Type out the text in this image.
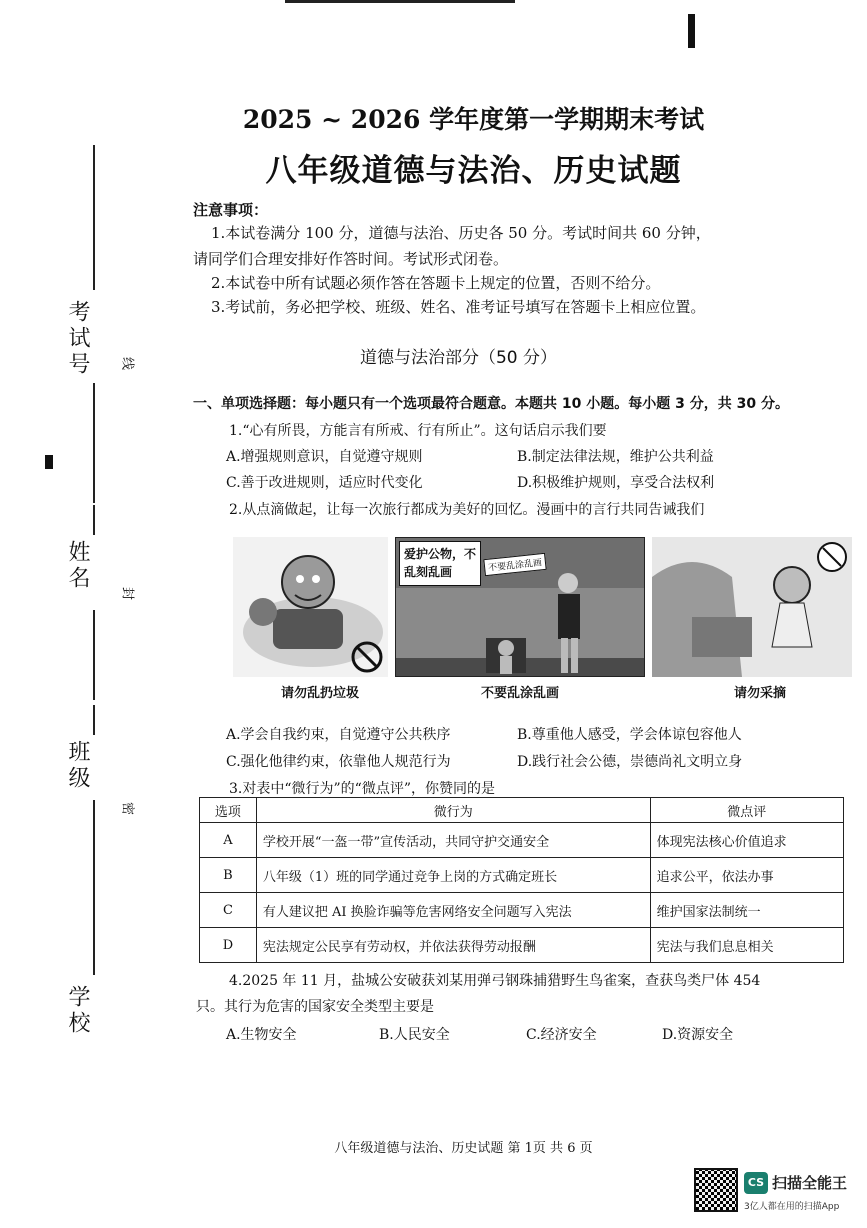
考试号 线
姓名 封
班级
密
学校
2025 ~ 2026 学年度第一学期期末考试
八年级道德与法治、历史试题
注意事项：
1.本试卷满分 100 分，道德与法治、历史各 50 分。考试时间共 60 分钟，
请同学们合理安排好作答时间。考试形式闭卷。
2.本试卷中所有试题必须作答在答题卡上规定的位置，否则不给分。
3.考试前，务必把学校、班级、姓名、准考证号填写在答题卡上相应位置。
道德与法治部分（50 分）
一、单项选择题：每小题只有一个选项最符合题意。本题共 10 小题。每小题 3 分，共 30 分。
1.“心有所畏，方能言有所戒、行有所止”。这句话启示我们要
A.增强规则意识，自觉遵守规则	B.制定法律法规，维护公共利益
C.善于改进规则，适应时代变化	D.积极维护规则，享受合法权利
2.从点滴做起，让每一次旅行都成为美好的回忆。漫画中的言行共同告诫我们
爱护公物，不乱刻乱画	不要乱涂乱画
请勿乱扔垃圾	不要乱涂乱画	请勿采摘
A.学会自我约束，自觉遵守公共秩序	B.尊重他人感受，学会体谅包容他人
C.强化他律约束，依靠他人规范行为	D.践行社会公德，崇德尚礼文明立身
3.对表中“微行为”的“微点评”，你赞同的是
选项	微行为	微点评
A	学校开展“一盔一带”宣传活动，共同守护交通安全	体现宪法核心价值追求
B	八年级（1）班的同学通过竞争上岗的方式确定班长	追求公平，依法办事
C	有人建议把 AI 换脸诈骗等危害网络安全问题写入宪法	维护国家法制统一
D	宪法规定公民享有劳动权，并依法获得劳动报酬	宪法与我们息息相关
4.2025 年 11 月，盐城公安破获刘某用弹弓钢珠捕猎野生鸟雀案，查获鸟类尸体 454
只。其行为危害的国家安全类型主要是
A.生物安全	B.人民安全	C.经济安全	D.资源安全
八年级道德与法治、历史试题 第 1页 共 6 页
CS 扫描全能王
3亿人都在用的扫描App
